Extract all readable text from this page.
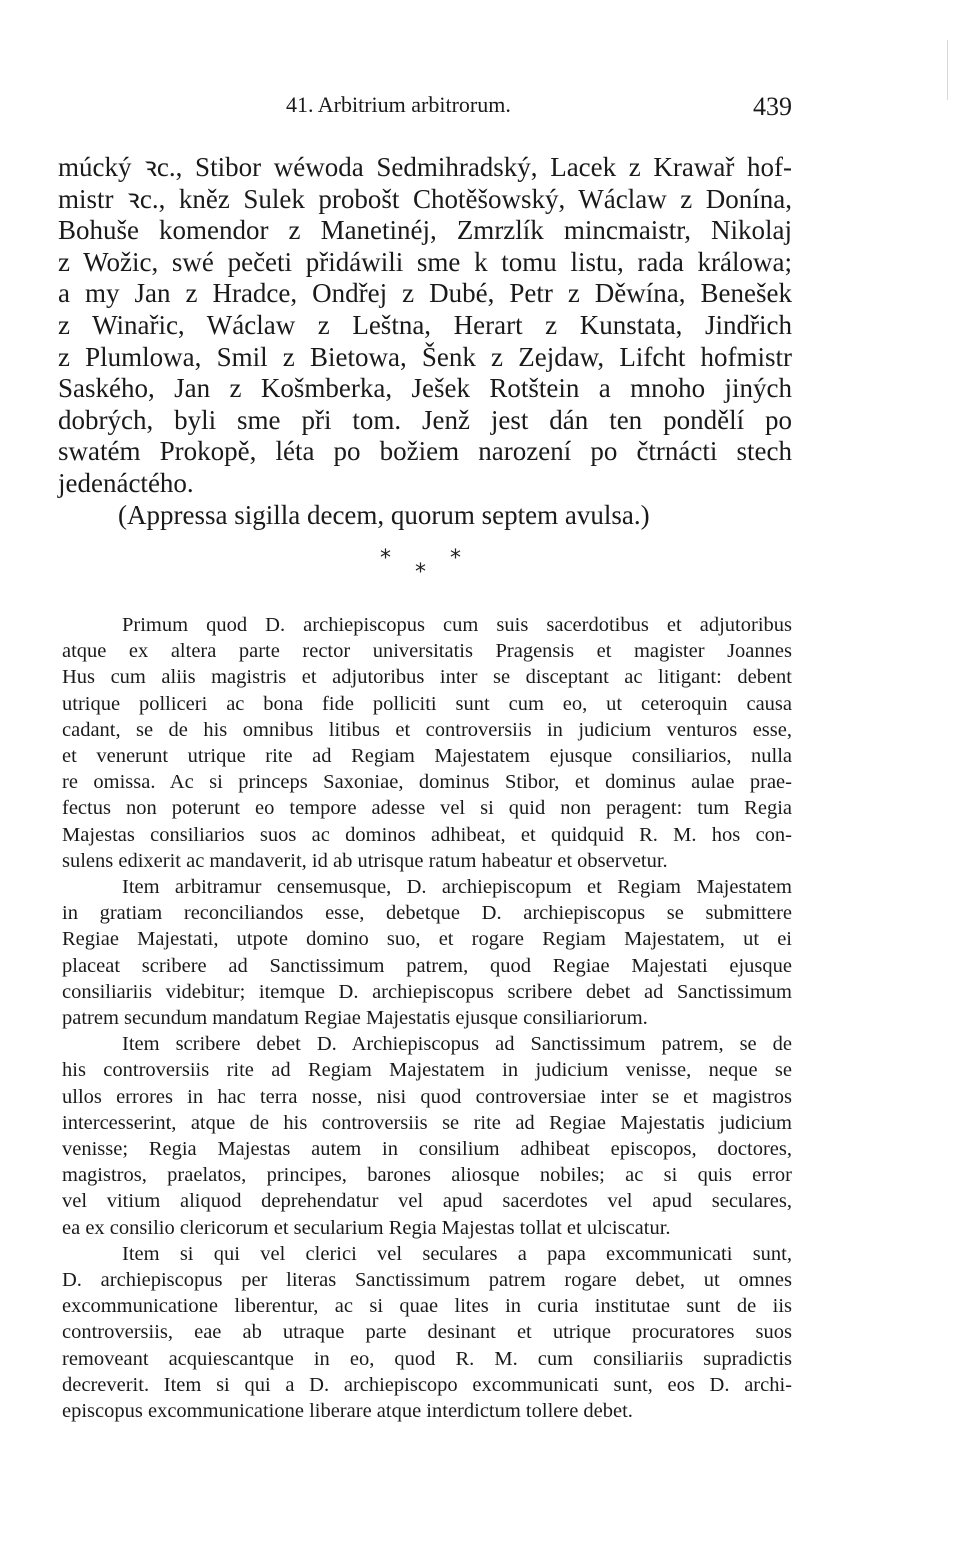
41. Arbitrium arbitrorum.	439
múcký ꝛc., Stibor wéwoda Sedmihradský, Lacek z Krawař hof-
mistr ꝛc., kněz Sulek probošt Chotěšowský, Wáclaw z Donína,
Bohuše komendor z Manetinéj, Zmrzlík mincmaistr, Nikolaj
z Wožic, swé pečeti přidáwili sme k tomu listu, rada králowa;
a my Jan z Hradce, Ondřej z Dubé, Petr z Děwína, Benešek
z Winařic, Wáclaw z Leštna, Herart z Kunstata, Jindřich
z Plumlowa, Smil z Bietowa, Šenk z Zejdaw, Lifcht hofmistr
Saského, Jan z Košmberka, Ješek Rotštein a mnoho jiných
dobrých, byli sme při tom. Jenž jest dán ten pondělí po
swatém Prokopě, léta po božiem narození po čtrnácti stech
jedenáctého.
(Appressa sigilla decem, quorum septem avulsa.)
*	*
*
Primum quod D. archiepiscopus cum suis sacerdotibus et adjutoribus
atque ex altera parte rector universitatis Pragensis et magister Joannes
Hus cum aliis magistris et adjutoribus inter se disceptant ac litigant: debent
utrique polliceri ac bona fide polliciti sunt cum eo, ut ceteroquin causa
cadant, se de his omnibus litibus et controversiis in judicium venturos esse,
et venerunt utrique rite ad Regiam Majestatem ejusque consiliarios, nulla
re omissa. Ac si princeps Saxoniae, dominus Stibor, et dominus aulae prae-
fectus non poterunt eo tempore adesse vel si quid non peragent: tum Regia
Majestas consiliarios suos ac dominos adhibeat, et quidquid R. M. hos con-
sulens edixerit ac mandaverit, id ab utrisque ratum habeatur et observetur.
Item arbitramur censemusque, D. archiepiscopum et Regiam Majestatem
in gratiam reconciliandos esse, debetque D. archiepiscopus se submittere
Regiae Majestati, utpote domino suo, et rogare Regiam Majestatem, ut ei
placeat scribere ad Sanctissimum patrem, quod Regiae Majestati ejusque
consiliariis videbitur; itemque D. archiepiscopus scribere debet ad Sanctissimum
patrem secundum mandatum Regiae Majestatis ejusque consiliariorum.
Item scribere debet D. Archiepiscopus ad Sanctissimum patrem, se de
his controversiis rite ad Regiam Majestatem in judicium venisse, neque se
ullos errores in hac terra nosse, nisi quod controversiae inter se et magistros
intercesserint, atque de his controversiis se rite ad Regiae Majestatis judicium
venisse; Regia Majestas autem in consilium adhibeat episcopos, doctores,
magistros, praelatos, principes, barones aliosque nobiles; ac si quis error
vel vitium aliquod deprehendatur vel apud sacerdotes vel apud seculares,
ea ex consilio clericorum et secularium Regia Majestas tollat et ulciscatur.
Item si qui vel clerici vel seculares a papa excommunicati sunt,
D. archiepiscopus per literas Sanctissimum patrem rogare debet, ut omnes
excommunicatione liberentur, ac si quae lites in curia institutae sunt de iis
controversiis, eae ab utraque parte desinant et utrique procuratores suos
removeant acquiescantque in eo, quod R. M. cum consiliariis supradictis
decreverit. Item si qui a D. archiepiscopo excommunicati sunt, eos D. archi-
episcopus excommunicatione liberare atque interdictum tollere debet.
